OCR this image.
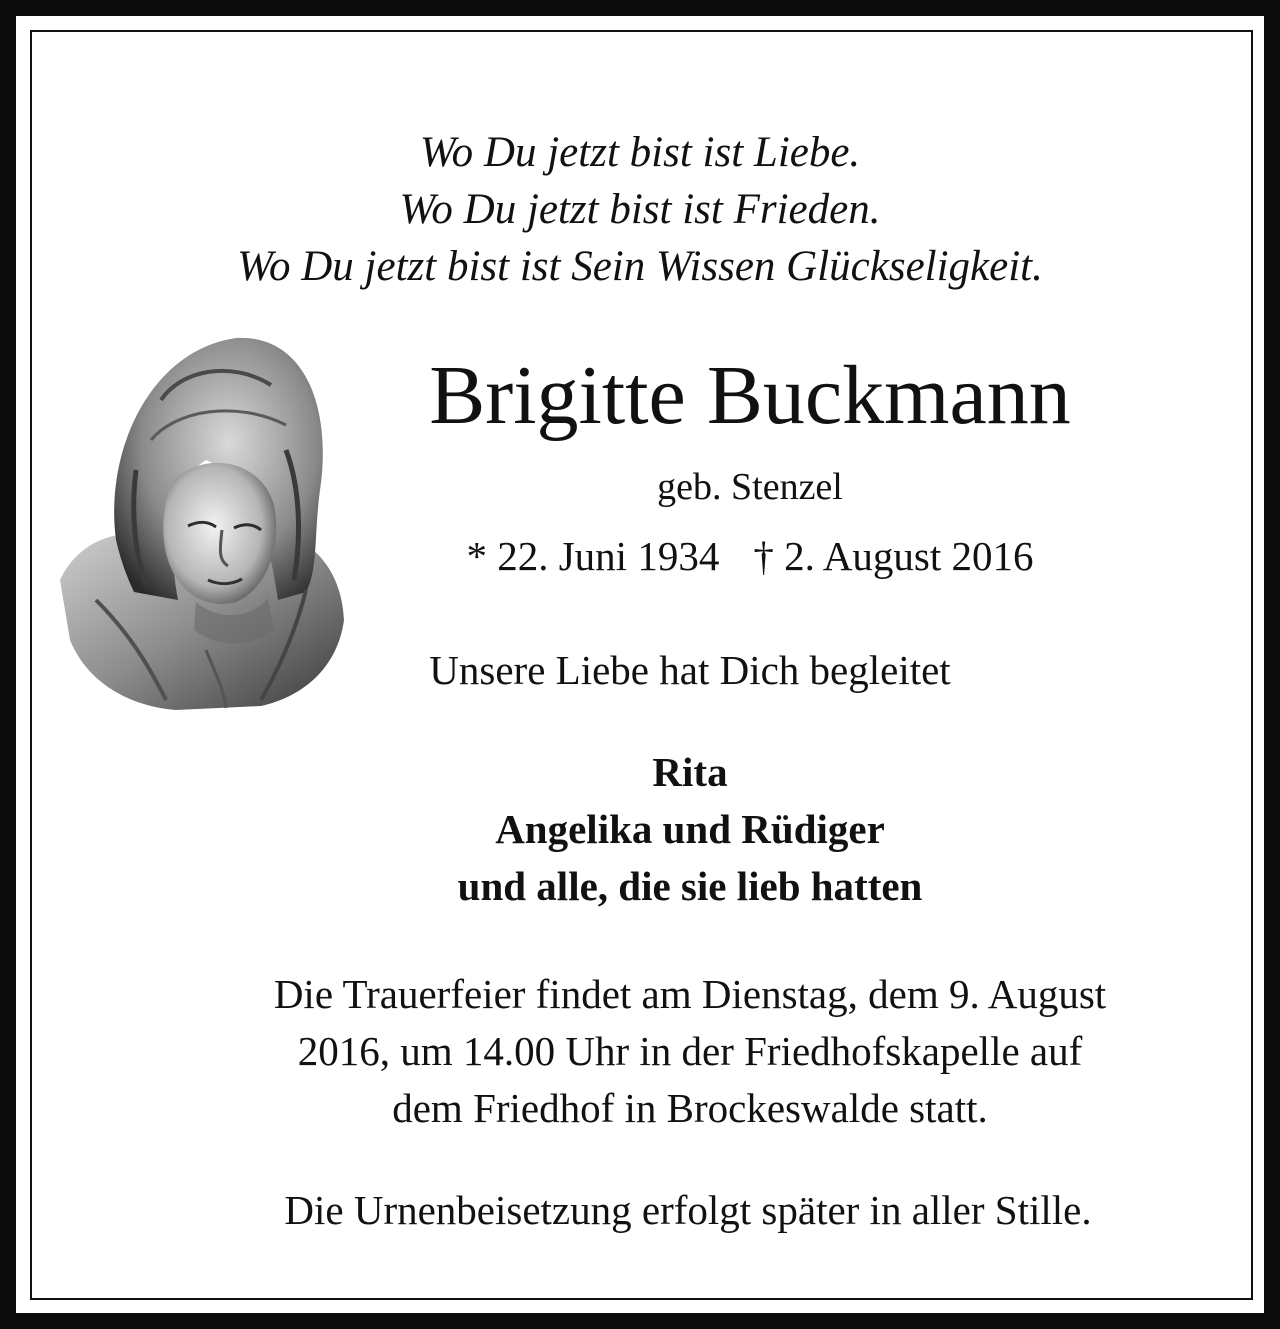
Wo Du jetzt bist ist Liebe.
Wo Du jetzt bist ist Frieden.
Wo Du jetzt bist ist Sein Wissen Glückseligkeit.
Brigitte Buckmann
geb. Stenzel
* 22. Juni 1934 † 2. August 2016
Unsere Liebe hat Dich begleitet
Rita
Angelika und Rüdiger
und alle, die sie lieb hatten
Die Trauerfeier findet am Dienstag, dem 9. August
2016, um 14.00 Uhr in der Friedhofskapelle auf
dem Friedhof in Brockeswalde statt.
Die Urnenbeisetzung erfolgt später in aller Stille.
